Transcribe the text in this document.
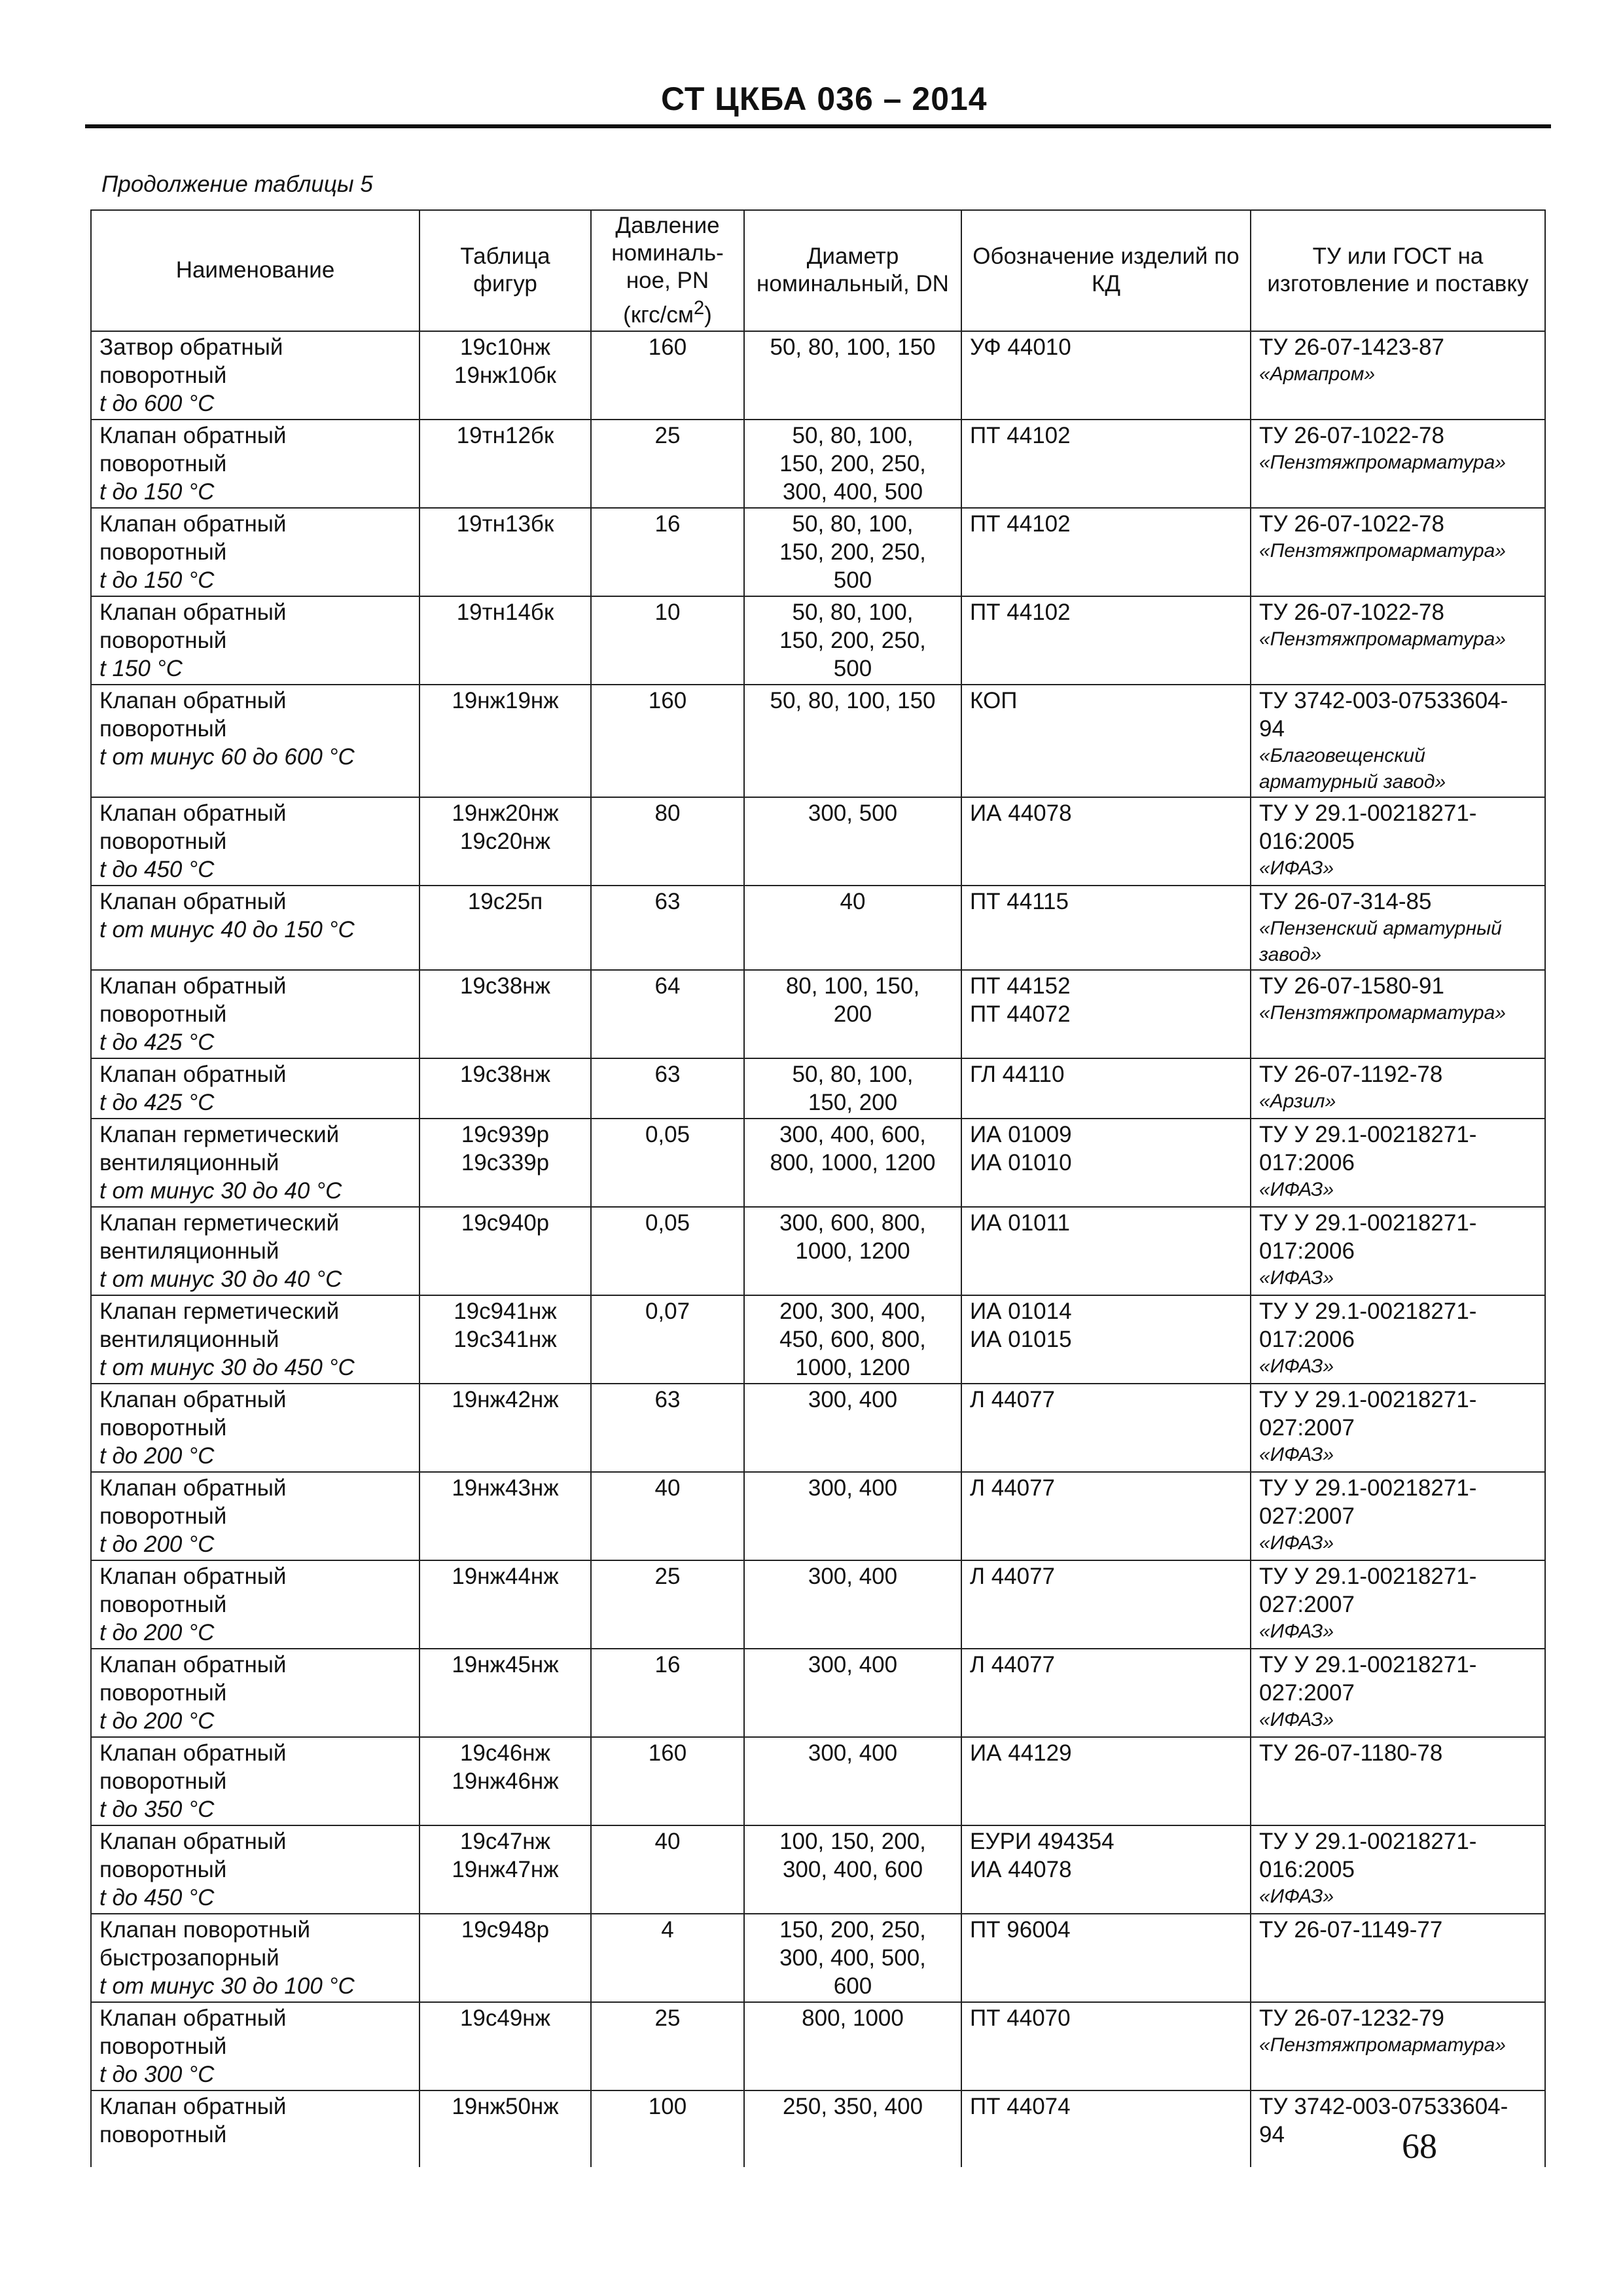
СТ ЦКБА 036 – 2014
Продолжение таблицы 5
Наименование	Таблица фигур	Давление
номиналь-
ное, PN
$(кгс/см^2)$	Диаметр номинальный, DN	Обозначение изделий по КД	ТУ или ГОСТ на изготовление и поставку

Затвор обратный
поворотный
t до 600 °С	19с10нж
19нж10бк	160	50, 80, 100, 150	УФ 44010	ТУ 26-07-1423-87
«Армапром»

Клапан обратный
поворотный
t до 150 °С	19тн12бк	25	50, 80, 100,
150, 200, 250,
300, 400, 500	ПТ 44102	ТУ 26-07-1022-78
«Пензтяжпромарматура»

Клапан обратный
поворотный
t до 150 °С	19тн13бк	16	50, 80, 100,
150, 200, 250,
500	ПТ 44102	ТУ 26-07-1022-78
«Пензтяжпромарматура»

Клапан обратный
поворотный
t 150 °С	19тн14бк	10	50, 80, 100,
150, 200, 250,
500	ПТ 44102	ТУ 26-07-1022-78
«Пензтяжпромарматура»

Клапан обратный
поворотный
t от минус 60 до 600 °С	19нж19нж	160	50, 80, 100, 150	КОП	ТУ 3742-003-07533604-
94
«Благовещенский
арматурный завод»

Клапан обратный
поворотный
t до 450 °С	19нж20нж
19с20нж	80	300, 500	ИА 44078	ТУ У 29.1-00218271-
016:2005
«ИФАЗ»

Клапан обратный
t от минус 40 до 150 °С	19с25п	63	40	ПТ 44115	ТУ 26-07-314-85
«Пензенский арматурный
завод»

Клапан обратный
поворотный
t до 425 °С	19с38нж	64	80, 100, 150,
200	ПТ 44152
ПТ 44072	ТУ 26-07-1580-91
«Пензтяжпромарматура»

Клапан обратный
t до 425 °С	19с38нж	63	50, 80, 100,
150, 200	ГЛ 44110	ТУ 26-07-1192-78
«Арзил»

Клапан герметический
вентиляционный
t от минус 30 до 40 °С	19с939р
19с339р	0,05	300, 400, 600,
800, 1000, 1200	ИА 01009
ИА 01010	ТУ У 29.1-00218271-
017:2006
«ИФАЗ»

Клапан герметический
вентиляционный
t от минус 30 до 40 °С	19с940р	0,05	300, 600, 800,
1000, 1200	ИА 01011	ТУ У 29.1-00218271-
017:2006
«ИФАЗ»

Клапан герметический
вентиляционный
t от минус 30 до 450 °С	19с941нж
19с341нж	0,07	200, 300, 400,
450, 600, 800,
1000, 1200	ИА 01014
ИА 01015	ТУ У 29.1-00218271-
017:2006
«ИФАЗ»

Клапан обратный
поворотный
t до 200 °С	19нж42нж	63	300, 400	Л 44077	ТУ У 29.1-00218271-
027:2007
«ИФАЗ»

Клапан обратный
поворотный
t до 200 °С	19нж43нж	40	300, 400	Л 44077	ТУ У 29.1-00218271-
027:2007
«ИФАЗ»

Клапан обратный
поворотный
t до 200 °С	19нж44нж	25	300, 400	Л 44077	ТУ У 29.1-00218271-
027:2007
«ИФАЗ»

Клапан обратный
поворотный
t до 200 °С	19нж45нж	16	300, 400	Л 44077	ТУ У 29.1-00218271-
027:2007
«ИФАЗ»

Клапан обратный
поворотный
t до 350 °С	19с46нж
19нж46нж	160	300, 400	ИА 44129	ТУ 26-07-1180-78

Клапан обратный
поворотный
t до 450 °С	19с47нж
19нж47нж	40	100, 150, 200,
300, 400, 600	ЕУРИ 494354
ИА 44078	ТУ У 29.1-00218271-
016:2005
«ИФАЗ»

Клапан поворотный
быстрозапорный
t от минус 30 до 100 °С	19с948р	4	150, 200, 250,
300, 400, 500,
600	ПТ 96004	ТУ 26-07-1149-77

Клапан обратный
поворотный
t до 300 °С	19с49нж	25	800, 1000	ПТ 44070	ТУ 26-07-1232-79
«Пензтяжпромарматура»

Клапан обратный
поворотный	19нж50нж	100	250, 350, 400	ПТ 44074	ТУ 3742-003-07533604-
94	68
